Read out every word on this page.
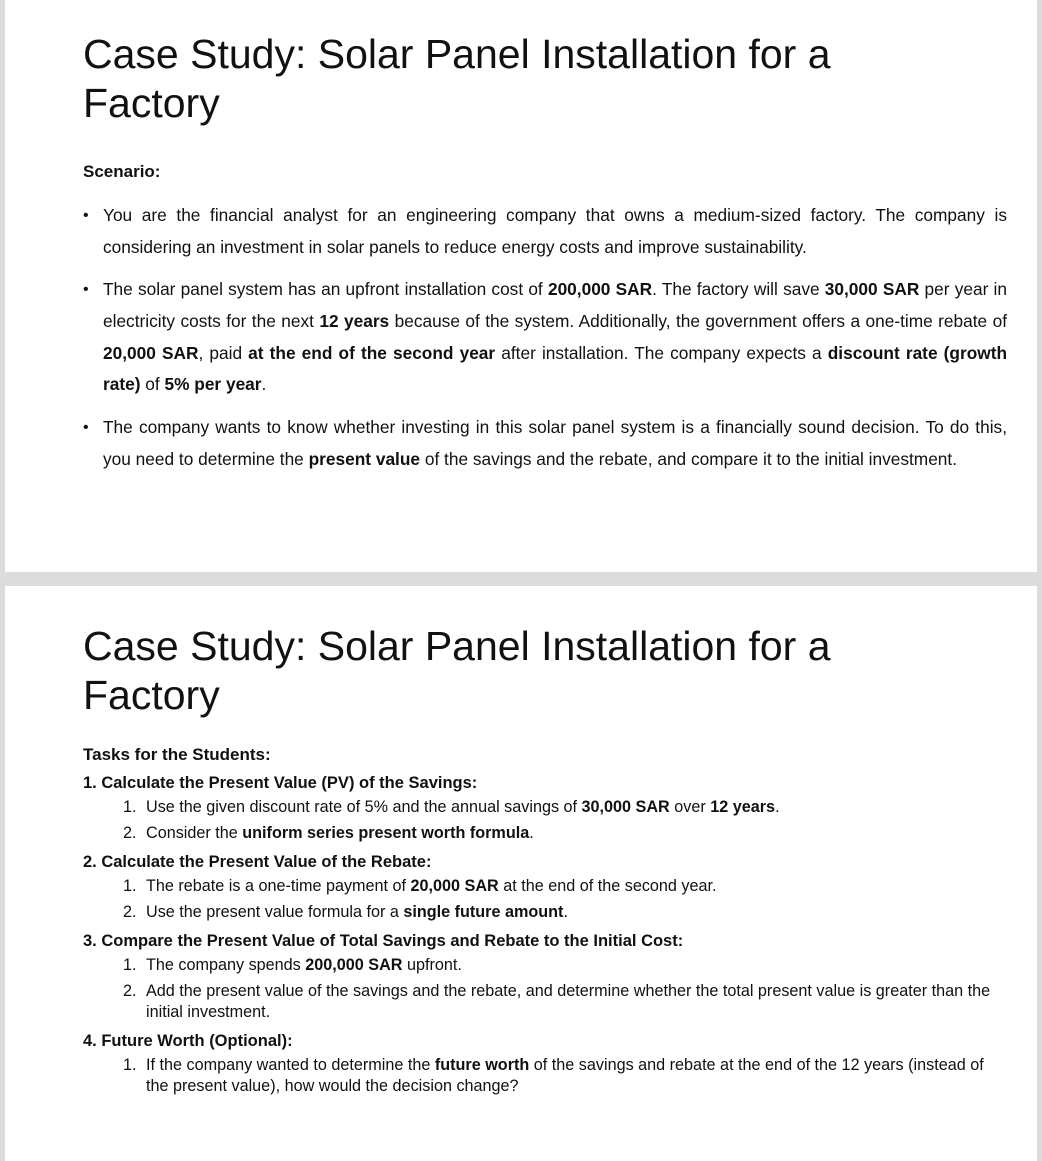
Case Study: Solar Panel Installation for a Factory
Scenario:
• You are the financial analyst for an engineering company that owns a medium-sized factory. The company is considering an investment in solar panels to reduce energy costs and improve sustainability.
• The solar panel system has an upfront installation cost of 200,000 SAR. The factory will save 30,000 SAR per year in electricity costs for the next 12 years because of the system. Additionally, the government offers a one-time rebate of 20,000 SAR, paid at the end of the second year after installation. The company expects a discount rate (growth rate) of 5% per year.
• The company wants to know whether investing in this solar panel system is a financially sound decision. To do this, you need to determine the present value of the savings and the rebate, and compare it to the initial investment.
Case Study: Solar Panel Installation for a Factory
Tasks for the Students:
1. Calculate the Present Value (PV) of the Savings:
1. Use the given discount rate of 5% and the annual savings of 30,000 SAR over 12 years.
2. Consider the uniform series present worth formula.
2. Calculate the Present Value of the Rebate:
1. The rebate is a one-time payment of 20,000 SAR at the end of the second year.
2. Use the present value formula for a single future amount.
3. Compare the Present Value of Total Savings and Rebate to the Initial Cost:
1. The company spends 200,000 SAR upfront.
2. Add the present value of the savings and the rebate, and determine whether the total present value is greater than the initial investment.
4. Future Worth (Optional):
1. If the company wanted to determine the future worth of the savings and rebate at the end of the 12 years (instead of the present value), how would the decision change?
